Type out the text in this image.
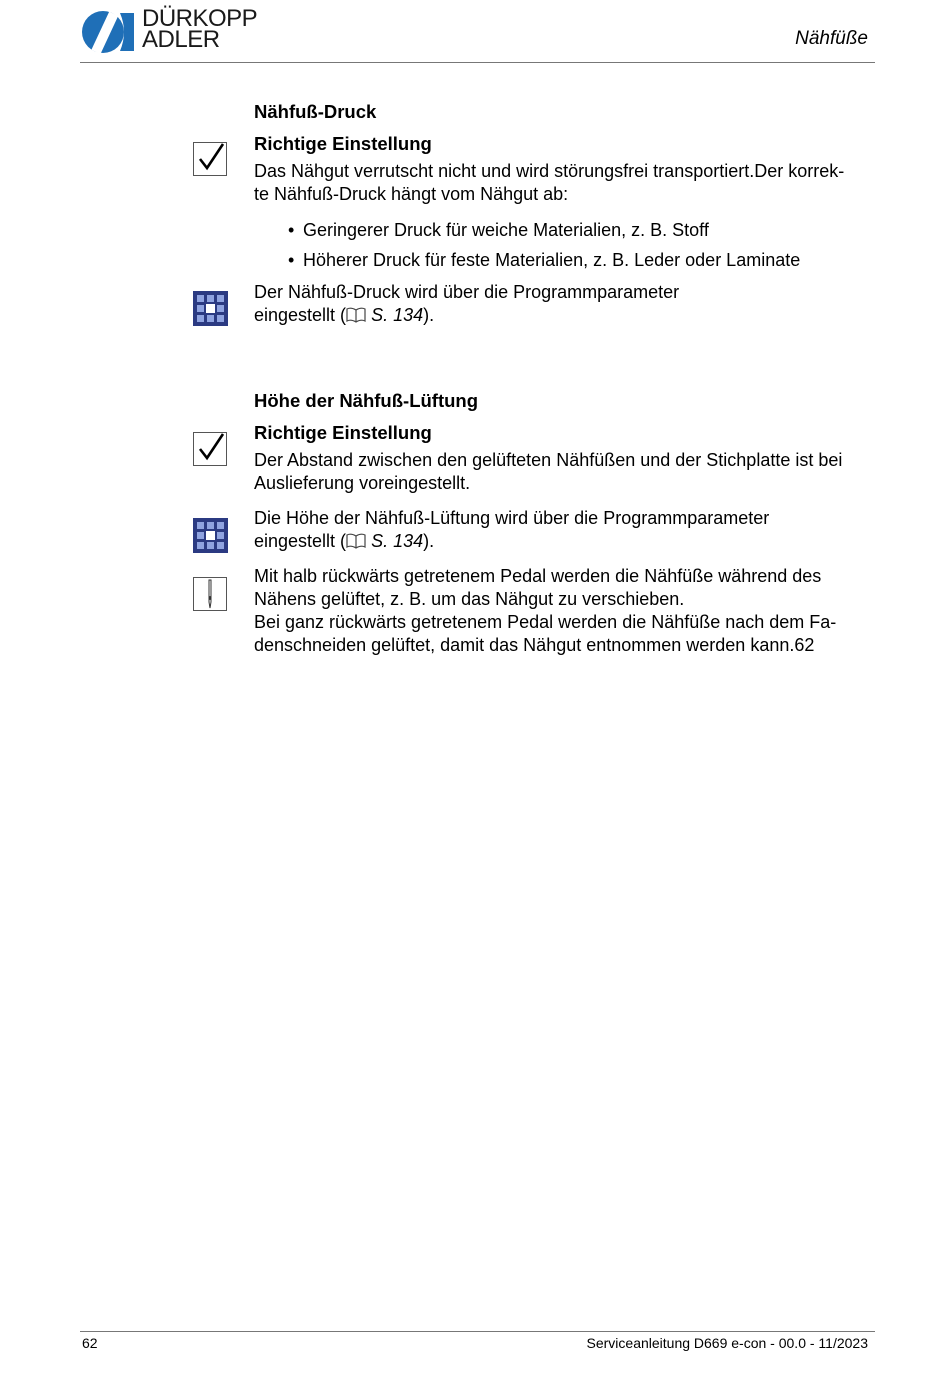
DÜRKOPP
ADLER	Nähfüße

Nähfuß-Druck

Richtige Einstellung

Das Nähgut verrutscht nicht und wird störungsfrei transportiert.Der korrek-
te Nähfuß-Druck hängt vom Nähgut ab:

• Geringerer Druck für weiche Materialien, z. B. Stoff
• Höherer Druck für feste Materialien, z. B. Leder oder Laminate

Der Nähfuß-Druck wird über die Programmparameter
eingestellt ( S. 134).

Höhe der Nähfuß-Lüftung

Richtige Einstellung

Der Abstand zwischen den gelüfteten Nähfüßen und der Stichplatte ist bei
Auslieferung voreingestellt.

Die Höhe der Nähfuß-Lüftung wird über die Programmparameter
eingestellt ( S. 134).

Mit halb rückwärts getretenem Pedal werden die Nähfüße während des
Nähens gelüftet, z. B. um das Nähgut zu verschieben.
Bei ganz rückwärts getretenem Pedal werden die Nähfüße nach dem Fa-
denschneiden gelüftet, damit das Nähgut entnommen werden kann.62

62	Serviceanleitung D669 e-con - 00.0 - 11/2023
